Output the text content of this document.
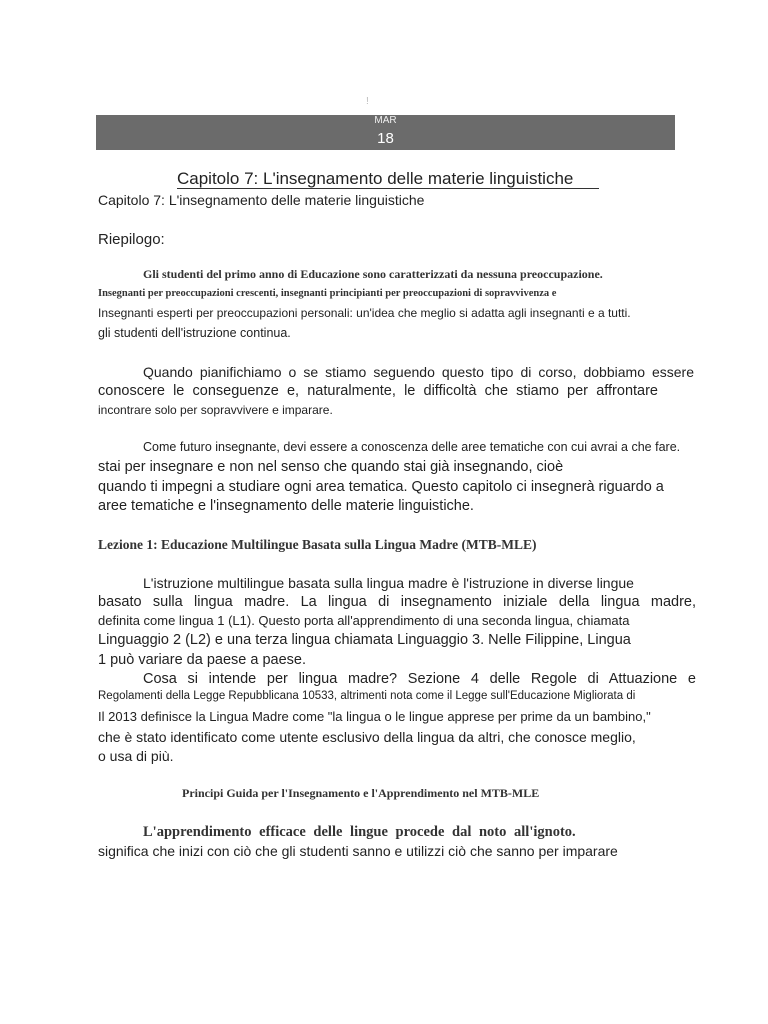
!
MAR
18
Capitolo 7: L'insegnamento delle materie linguistiche
Capitolo 7: L'insegnamento delle materie linguistiche
Riepilogo:
Gli studenti del primo anno di Educazione sono caratterizzati da nessuna preoccupazione.
Insegnanti per preoccupazioni crescenti, insegnanti principianti per preoccupazioni di sopravvivenza e
Insegnanti esperti per preoccupazioni personali: un'idea che meglio si adatta agli insegnanti e a tutti.
gli studenti dell'istruzione continua.
Quando pianifichiamo o se stiamo seguendo questo tipo di corso, dobbiamo essere
conoscere le conseguenze e, naturalmente, le difficoltà che stiamo per affrontare
incontrare solo per sopravvivere e imparare.
Come futuro insegnante, devi essere a conoscenza delle aree tematiche con cui avrai a che fare.
stai per insegnare e non nel senso che quando stai già insegnando, cioè
quando ti impegni a studiare ogni area tematica. Questo capitolo ci insegnerà riguardo a
aree tematiche e l'insegnamento delle materie linguistiche.
Lezione 1: Educazione Multilingue Basata sulla Lingua Madre (MTB-MLE)
L'istruzione multilingue basata sulla lingua madre è l'istruzione in diverse lingue
basato sulla lingua madre. La lingua di insegnamento iniziale della lingua madre,
definita come lingua 1 (L1). Questo porta all'apprendimento di una seconda lingua, chiamata
Linguaggio 2 (L2) e una terza lingua chiamata Linguaggio 3. Nelle Filippine, Lingua
1 può variare da paese a paese.
Cosa si intende per lingua madre? Sezione 4 delle Regole di Attuazione e
Regolamenti della Legge Repubblicana 10533, altrimenti nota come il Legge sull'Educazione Migliorata di
Il 2013 definisce la Lingua Madre come "la lingua o le lingue apprese per prime da un bambino,"
che è stato identificato come utente esclusivo della lingua da altri, che conosce meglio,
o usa di più.
Principi Guida per l'Insegnamento e l'Apprendimento nel MTB-MLE
L'apprendimento efficace delle lingue procede dal noto all'ignoto.
significa che inizi con ciò che gli studenti sanno e utilizzi ciò che sanno per imparare
